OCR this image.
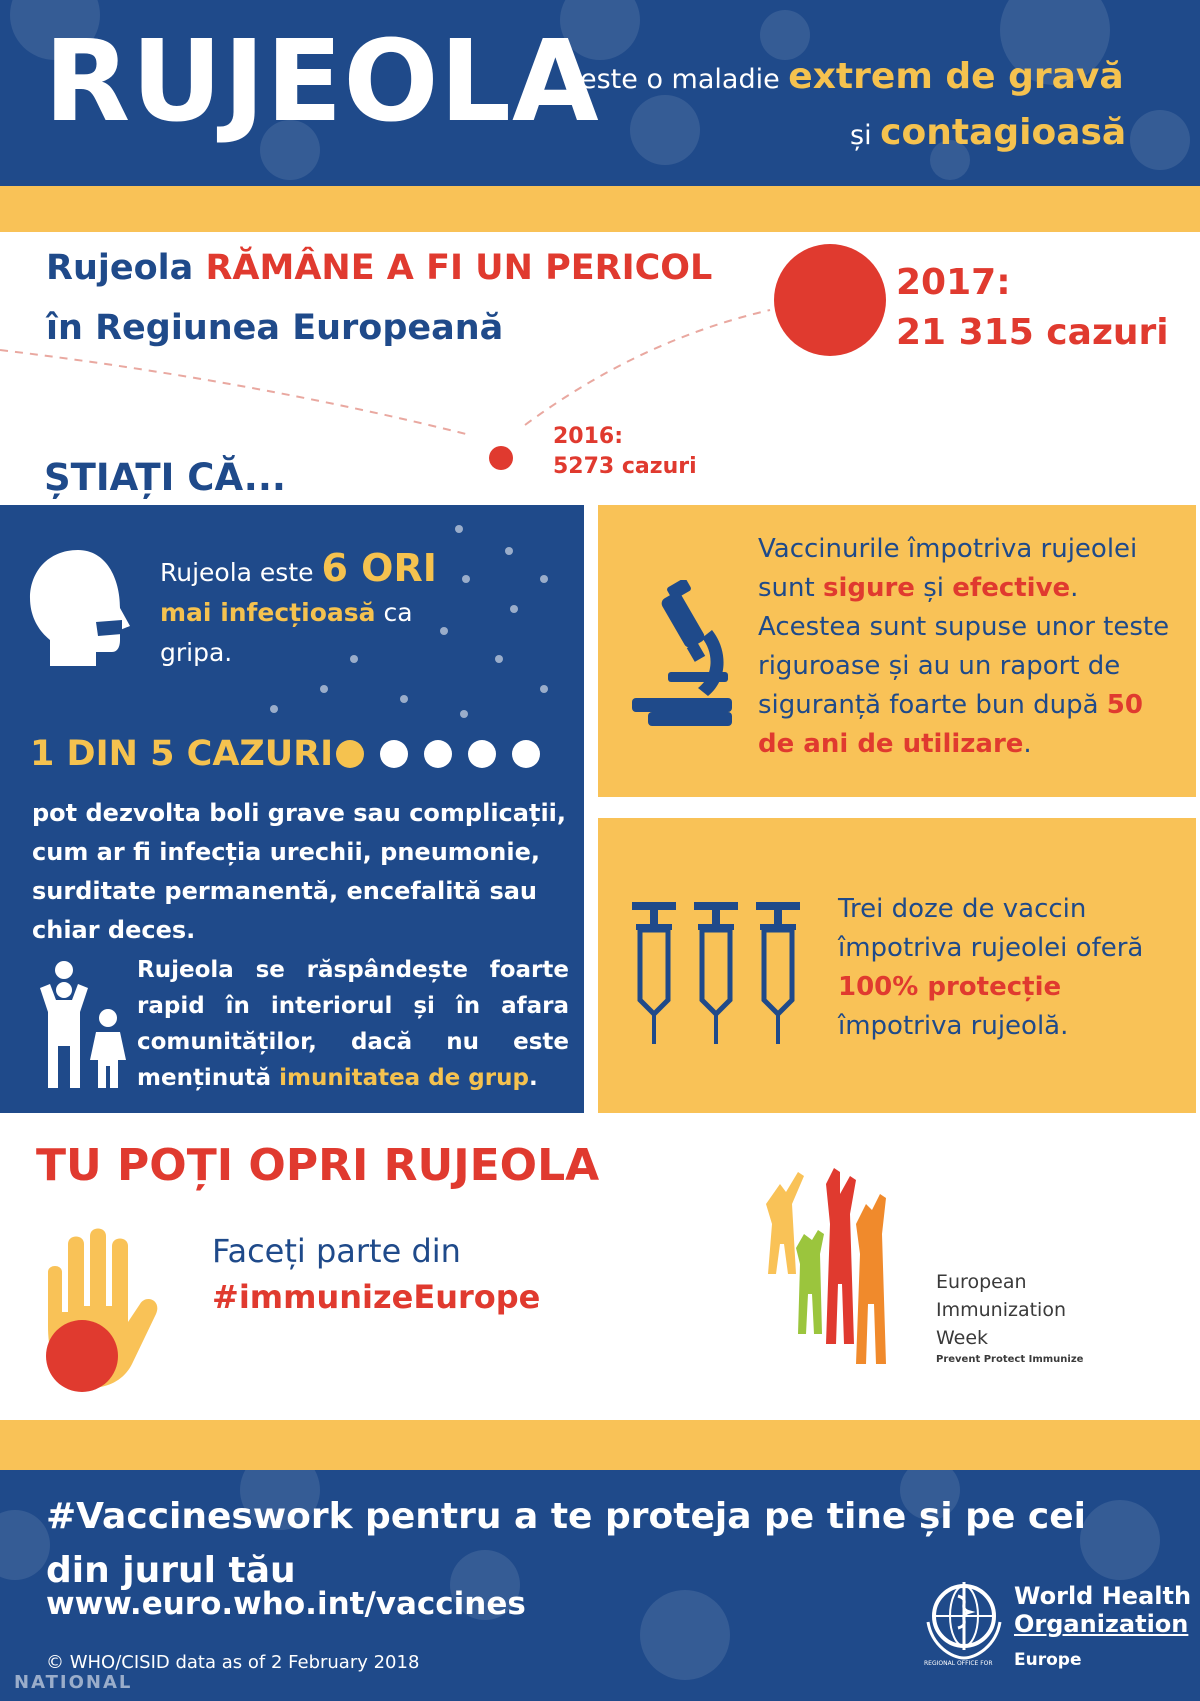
RUJEOLA
este o maladie extrem de gravă
și contagioasă
Rujeola RĂMÂNE A FI UN PERICOL
în Regiunea Europeană
2017:
21 315 cazuri
2016:
5273 cazuri
ȘTIAȚI CĂ...
Rujeola este 6 ORI
mai infecțioasă ca gripa.
1 DIN 5 CAZURI
pot dezvolta boli grave sau complicații, cum ar fi infecția urechii, pneumonie, surditate permanentă, encefalită sau chiar deces.
Rujeola se răspândește foarte rapid în interiorul și în afara comunităților, dacă nu este menținută imunitatea de grup.
Vaccinurile împotriva rujeolei sunt sigure și efective. Acestea sunt supuse unor teste riguroase și au un raport de siguranță foarte bun după 50 de ani de utilizare.
Trei doze de vaccin împotriva rujeolei oferă 100% protecție împotriva rujeolă.
TU POȚI OPRI RUJEOLA
Faceți parte din
#immunizeEurope	European
Immunization
Week
Prevent Protect Immunize
#Vaccineswork pentru a te proteja pe tine și pe cei din jurul tău
www.euro.who.int/vaccines
© WHO/CISID data as of 2 February 2018
World Health
Organization
REGIONAL OFFICE FOR Europe
NATIONAL
